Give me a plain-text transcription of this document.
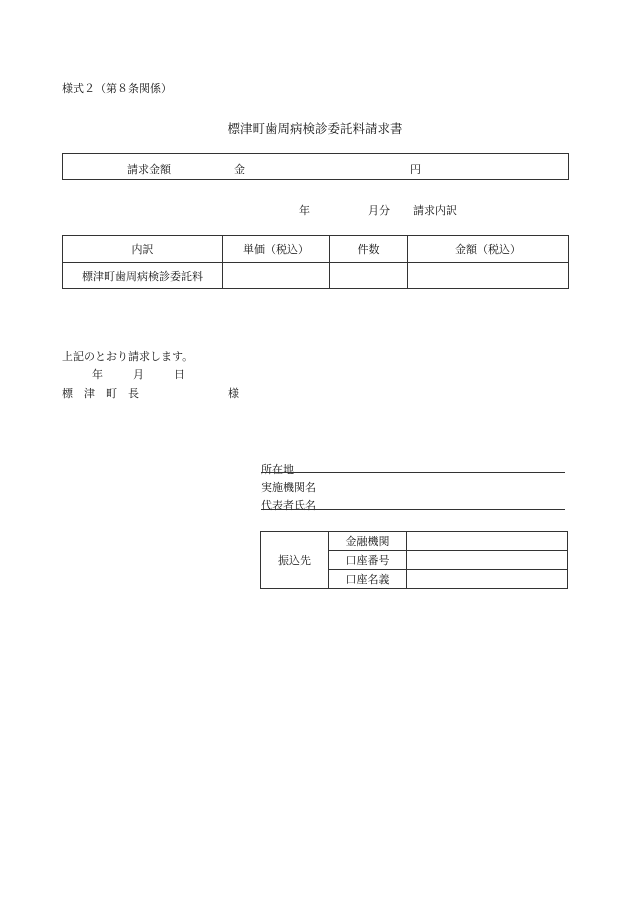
様式２（第８条関係）
標津町歯周病検診委託料請求書
請求金額	金	円
年	月分 請求内訳
内訳	単価（税込）	件数	金額（税込）
標津町歯周病検診委託料			
上記のとおり請求します。
年	月	日
標　津　町　長	様
所在地
実施機関名
代表者氏名
振込先	金融機関	
	口座番号	
	口座名義	
